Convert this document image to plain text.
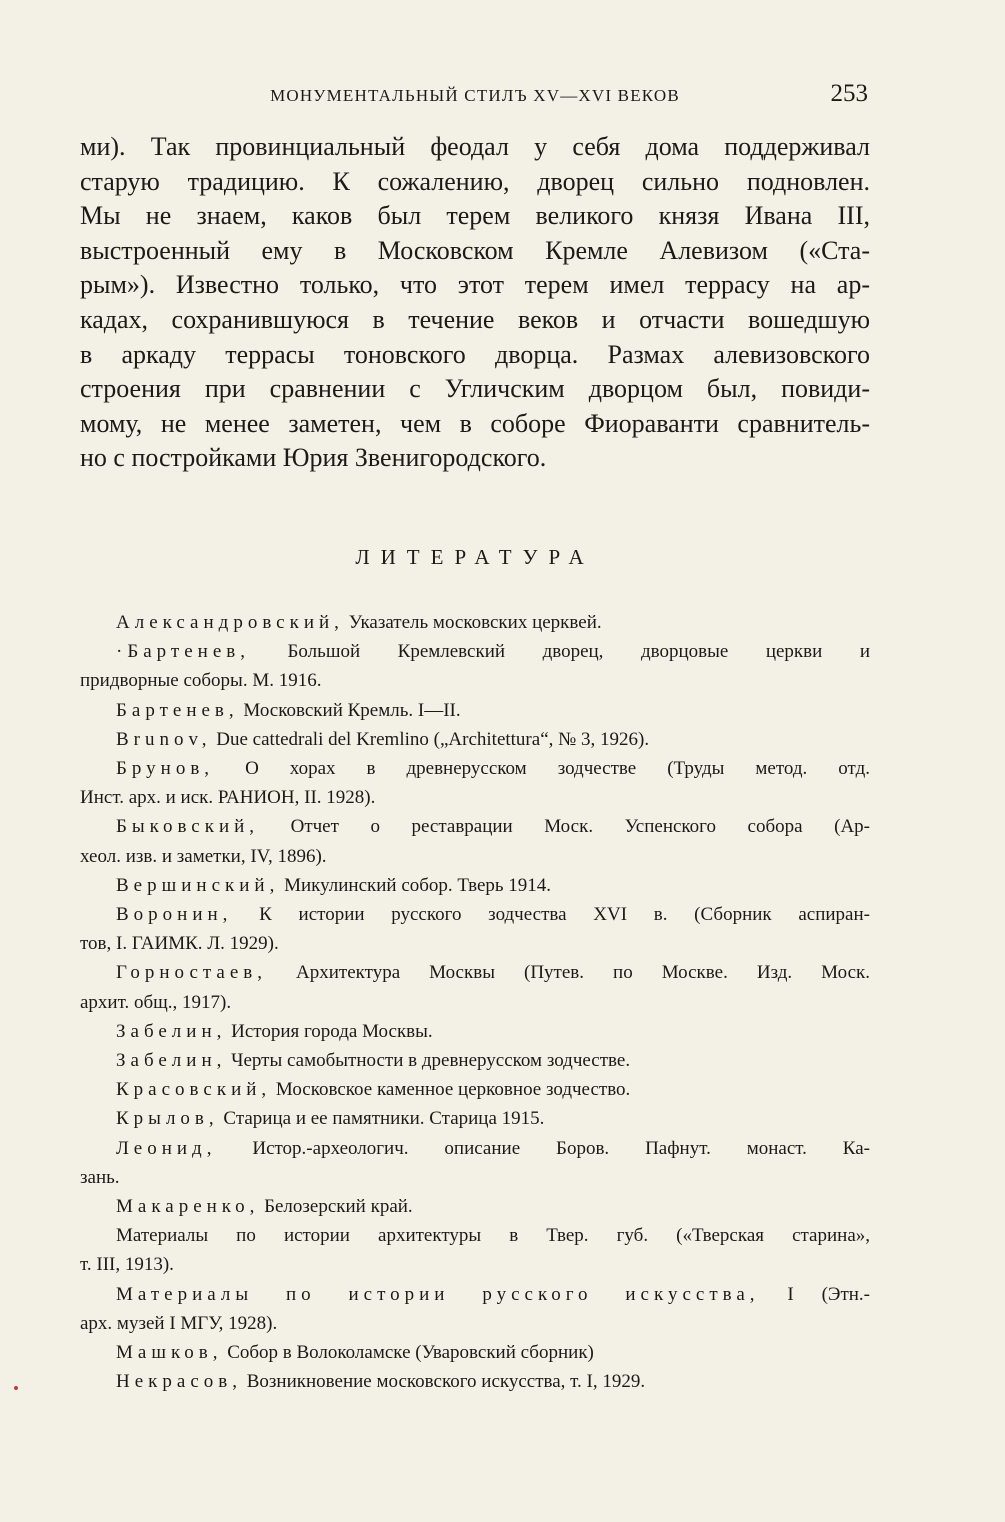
МОНУМЕНТАЛЬНЫЙ СТИЛЪ XV—XVI ВЕКОВ	253
ми). Так провинциальный феодал у себя дома поддерживал
старую традицию. К сожалению, дворец сильно подновлен.
Мы не знаем, каков был терем великого князя Ивана III,
выстроенный ему в Московском Кремле Алевизом («Ста-
рым»). Известно только, что этот терем имел террасу на ар-
кадах, сохранившуюся в течение веков и отчасти вошедшую
в аркаду террасы тоновского дворца. Размах алевизовского
строения при сравнении с Угличским дворцом был, повиди-
мому, не менее заметен, чем в соборе Фиораванти сравнитель-
но с постройками Юрия Звенигородского.
ЛИТЕРАТУРА
Александровский, Указатель московских церквей.
·Бартенев, Большой Кремлевский дворец, дворцовые церкви и
придворные соборы. М. 1916.
Бартенев, Московский Кремль. I—II.
Brunov, Due cattedrali del Kremlino („Architettura“, № 3, 1926).
Брунов, О хорах в древнерусском зодчестве (Труды метод. отд.
Инст. арх. и иск. РАНИОН, II. 1928).
Быковский, Отчет о реставрации Моск. Успенского собора (Ар-
хеол. изв. и заметки, IV, 1896).
Вершинский, Микулинский собор. Тверь 1914.
Воронин, К истории русского зодчества XVI в. (Сборник аспиран-
тов, I. ГАИМК. Л. 1929).
Горностаев, Архитектура Москвы (Путев. по Москве. Изд. Моск.
архит. общ., 1917).
Забелин, История города Москвы.
Забелин, Черты самобытности в древнерусском зодчестве.
Красовский, Московское каменное церковное зодчество.
Крылов, Старица и ее памятники. Старица 1915.
Леонид, Истор.-археологич. описание Боров. Пафнут. монаст. Ка-
зань.
Макаренко, Белозерский край.
Материалы по истории архитектуры в Твер. губ. («Тверская старина»,
т. III, 1913).
Материалы по истории русского искусства, I (Этн.-
арх. музей I МГУ, 1928).
Машков, Собор в Волоколамске (Уваровский сборник)
Некрасов, Возникновение московского искусства, т. I, 1929.
